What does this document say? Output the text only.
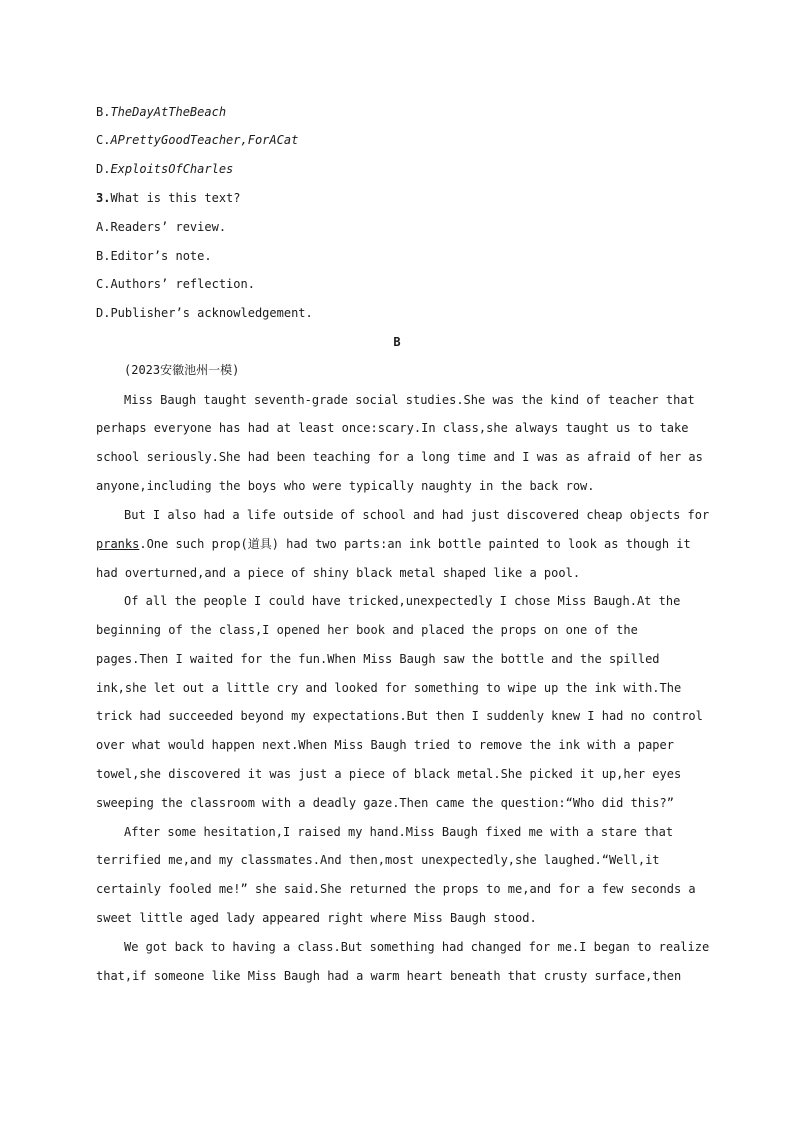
B.TheDayAtTheBeach
C.APrettyGoodTeacher,ForACat
D.ExploitsOfCharles
3.What is this text?
A.Readers’ review.
B.Editor’s note.
C.Authors’ reflection.
D.Publisher’s acknowledgement.
B
(2023安徽池州一模)
Miss Baugh taught seventh-grade social studies.She was the kind of teacher that
perhaps everyone has had at least once:scary.In class,she always taught us to take
school seriously.She had been teaching for a long time and I was as afraid of her as
anyone,including the boys who were typically naughty in the back row.
But I also had a life outside of school and had just discovered cheap objects for
pranks.One such prop(道具) had two parts:an ink bottle painted to look as though it
had overturned,and a piece of shiny black metal shaped like a pool.
Of all the people I could have tricked,unexpectedly I chose Miss Baugh.At the
beginning of the class,I opened her book and placed the props on one of the
pages.Then I waited for the fun.When Miss Baugh saw the bottle and the spilled
ink,she let out a little cry and looked for something to wipe up the ink with.The
trick had succeeded beyond my expectations.But then I suddenly knew I had no control
over what would happen next.When Miss Baugh tried to remove the ink with a paper
towel,she discovered it was just a piece of black metal.She picked it up,her eyes
sweeping the classroom with a deadly gaze.Then came the question:“Who did this?”
After some hesitation,I raised my hand.Miss Baugh fixed me with a stare that
terrified me,and my classmates.And then,most unexpectedly,she laughed.“Well,it
certainly fooled me!” she said.She returned the props to me,and for a few seconds a
sweet little aged lady appeared right where Miss Baugh stood.
We got back to having a class.But something had changed for me.I began to realize
that,if someone like Miss Baugh had a warm heart beneath that crusty surface,then
